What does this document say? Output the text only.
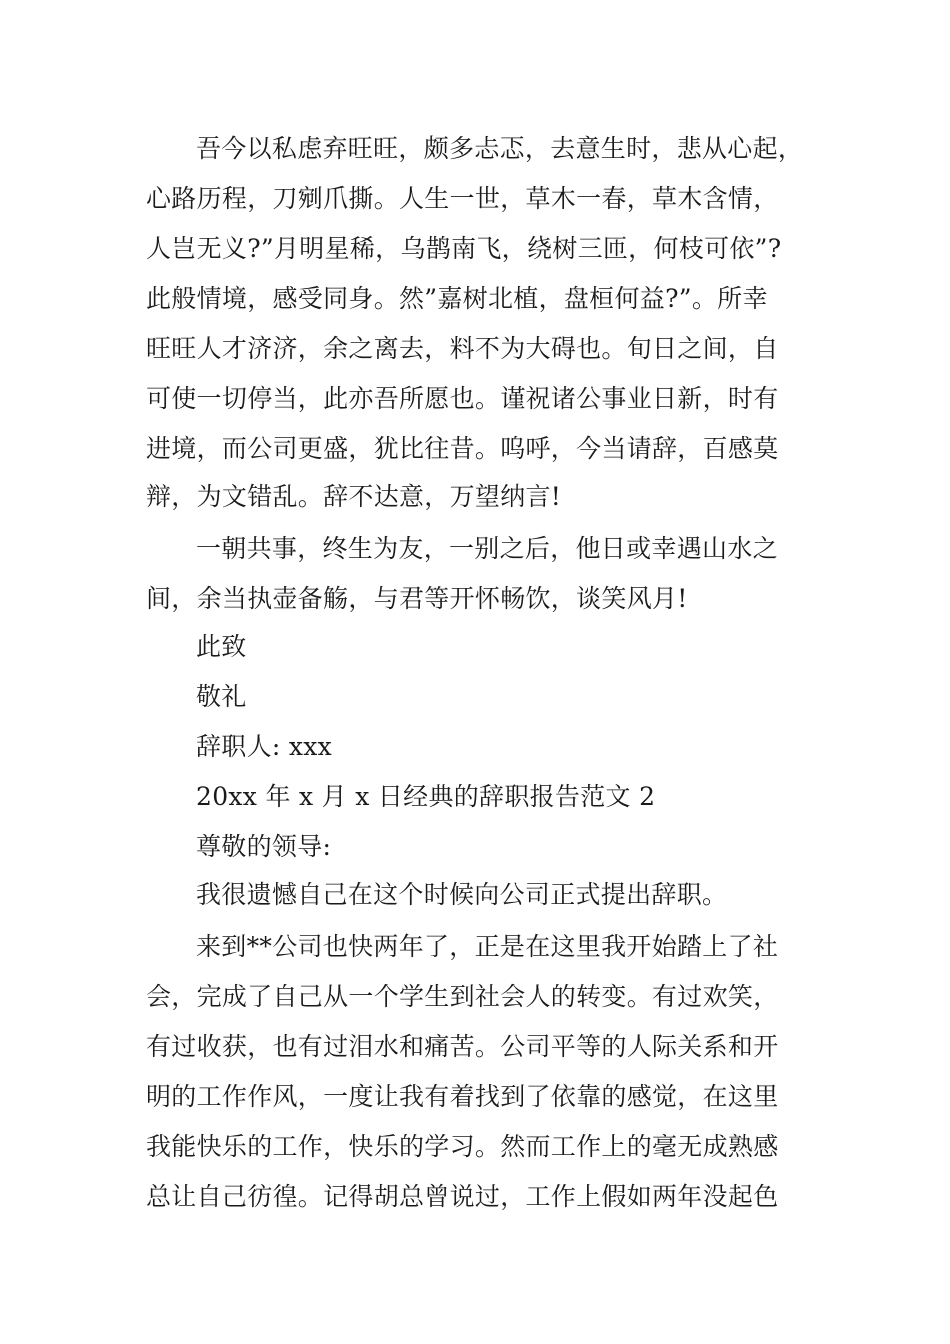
吾今以私虑弃旺旺，颇多忐忑，去意生时，悲从心起，
心路历程，刀剜爪撕。人生一世，草木一春，草木含情，
人岂无义?”月明星稀，乌鹊南飞，绕树三匝，何枝可依”?
此般情境，感受同身。然”嘉树北植，盘桓何益?”。所幸
旺旺人才济济，余之离去，料不为大碍也。旬日之间，自
可使一切停当，此亦吾所愿也。谨祝诸公事业日新，时有
进境，而公司更盛，犹比往昔。呜呼，今当请辞，百感莫
辩，为文错乱。辞不达意，万望纳言!
一朝共事，终生为友，一别之后，他日或幸遇山水之
间，余当执壶备觞，与君等开怀畅饮，谈笑风月!
此致
敬礼
辞职人: xxx
20xx 年 x 月 x 日经典的辞职报告范文 2
尊敬的领导:
我很遗憾自己在这个时候向公司正式提出辞职。
来到**公司也快两年了，正是在这里我开始踏上了社
会，完成了自己从一个学生到社会人的转变。有过欢笑，
有过收获，也有过泪水和痛苦。公司平等的人际关系和开
明的工作作风，一度让我有着找到了依靠的感觉，在这里
我能快乐的工作，快乐的学习。然而工作上的毫无成熟感
总让自己彷徨。记得胡总曾说过，工作上假如两年没起色
